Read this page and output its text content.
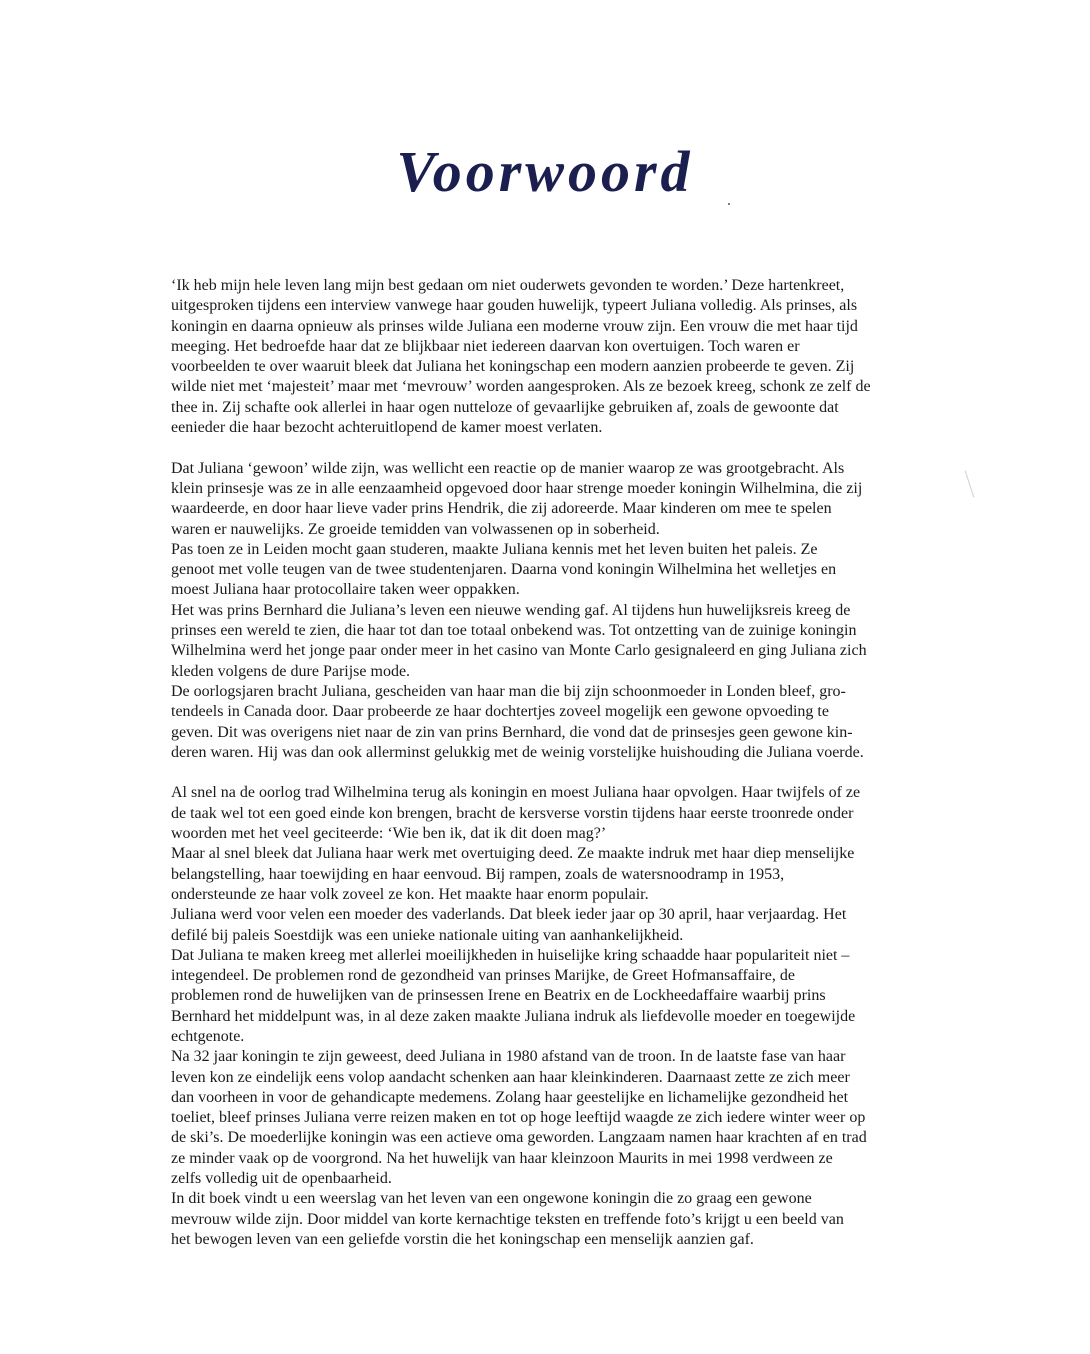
Voorwoord

‘Ik heb mijn hele leven lang mijn best gedaan om niet ouderwets gevonden te worden.’ Deze hartenkreet,
uitgesproken tijdens een interview vanwege haar gouden huwelijk, typeert Juliana volledig. Als prinses, als
koningin en daarna opnieuw als prinses wilde Juliana een moderne vrouw zijn. Een vrouw die met haar tijd
meeging. Het bedroefde haar dat ze blijkbaar niet iedereen daarvan kon overtuigen. Toch waren er
voorbeelden te over waaruit bleek dat Juliana het koningschap een modern aanzien probeerde te geven. Zij
wilde niet met ‘majesteit’ maar met ‘mevrouw’ worden aangesproken. Als ze bezoek kreeg, schonk ze zelf de
thee in. Zij schafte ook allerlei in haar ogen nutteloze of gevaarlijke gebruiken af, zoals de gewoonte dat
eenieder die haar bezocht achteruitlopend de kamer moest verlaten.

Dat Juliana ‘gewoon’ wilde zijn, was wellicht een reactie op de manier waarop ze was grootgebracht. Als
klein prinsesje was ze in alle eenzaamheid opgevoed door haar strenge moeder koningin Wilhelmina, die zij
waardeerde, en door haar lieve vader prins Hendrik, die zij adoreerde. Maar kinderen om mee te spelen
waren er nauwelijks. Ze groeide temidden van volwassenen op in soberheid.
Pas toen ze in Leiden mocht gaan studeren, maakte Juliana kennis met het leven buiten het paleis. Ze
genoot met volle teugen van de twee studentenjaren. Daarna vond koningin Wilhelmina het welletjes en
moest Juliana haar protocollaire taken weer oppakken.
Het was prins Bernhard die Juliana’s leven een nieuwe wending gaf. Al tijdens hun huwelijksreis kreeg de
prinses een wereld te zien, die haar tot dan toe totaal onbekend was. Tot ontzetting van de zuinige koningin
Wilhelmina werd het jonge paar onder meer in het casino van Monte Carlo gesignaleerd en ging Juliana zich
kleden volgens de dure Parijse mode.
De oorlogsjaren bracht Juliana, gescheiden van haar man die bij zijn schoonmoeder in Londen bleef, gro-
tendeels in Canada door. Daar probeerde ze haar dochtertjes zoveel mogelijk een gewone opvoeding te
geven. Dit was overigens niet naar de zin van prins Bernhard, die vond dat de prinsesjes geen gewone kin-
deren waren. Hij was dan ook allerminst gelukkig met de weinig vorstelijke huishouding die Juliana voerde.

Al snel na de oorlog trad Wilhelmina terug als koningin en moest Juliana haar opvolgen. Haar twijfels of ze
de taak wel tot een goed einde kon brengen, bracht de kersverse vorstin tijdens haar eerste troonrede onder
woorden met het veel geciteerde: ‘Wie ben ik, dat ik dit doen mag?’
Maar al snel bleek dat Juliana haar werk met overtuiging deed. Ze maakte indruk met haar diep menselijke
belangstelling, haar toewijding en haar eenvoud. Bij rampen, zoals de watersnoodramp in 1953,
ondersteunde ze haar volk zoveel ze kon. Het maakte haar enorm populair.
Juliana werd voor velen een moeder des vaderlands. Dat bleek ieder jaar op 30 april, haar verjaardag. Het
defilé bij paleis Soestdijk was een unieke nationale uiting van aanhankelijkheid.
Dat Juliana te maken kreeg met allerlei moeilijkheden in huiselijke kring schaadde haar populariteit niet –
integendeel. De problemen rond de gezondheid van prinses Marijke, de Greet Hofmansaffaire, de
problemen rond de huwelijken van de prinsessen Irene en Beatrix en de Lockheedaffaire waarbij prins
Bernhard het middelpunt was, in al deze zaken maakte Juliana indruk als liefdevolle moeder en toegewijde
echtgenote.
Na 32 jaar koningin te zijn geweest, deed Juliana in 1980 afstand van de troon. In de laatste fase van haar
leven kon ze eindelijk eens volop aandacht schenken aan haar kleinkinderen. Daarnaast zette ze zich meer
dan voorheen in voor de gehandicapte medemens. Zolang haar geestelijke en lichamelijke gezondheid het
toeliet, bleef prinses Juliana verre reizen maken en tot op hoge leeftijd waagde ze zich iedere winter weer op
de ski’s. De moederlijke koningin was een actieve oma geworden. Langzaam namen haar krachten af en trad
ze minder vaak op de voorgrond. Na het huwelijk van haar kleinzoon Maurits in mei 1998 verdween ze
zelfs volledig uit de openbaarheid.
In dit boek vindt u een weerslag van het leven van een ongewone koningin die zo graag een gewone
mevrouw wilde zijn. Door middel van korte kernachtige teksten en treffende foto’s krijgt u een beeld van
het bewogen leven van een geliefde vorstin die het koningschap een menselijk aanzien gaf.
